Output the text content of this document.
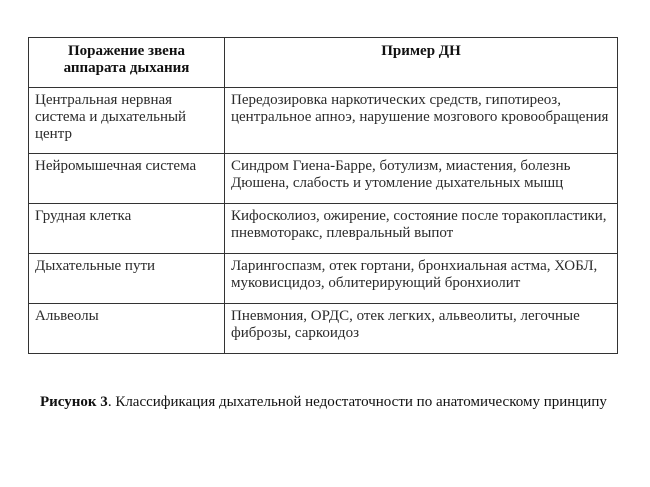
Поражение звена аппарата дыхания	Пример ДН
Центральная нервная система и дыхательный центр	Передозировка наркотических средств, гипотиреоз, центральное апноэ, нарушение мозгового кровообращения
Нейромышечная система	Синдром Гиена-Барре, ботулизм, миастения, болезнь Дюшена, слабость и утомление дыхательных мышц
Грудная клетка	Кифосколиоз, ожирение, состояние после торакопластики, пневмоторакс, плевральный выпот
Дыхательные пути	Ларингоспазм, отек гортани, бронхиальная астма, ХОБЛ, муковисцидоз, облитерирующий бронхиолит
Альвеолы	Пневмония, ОРДС, отек легких, альвеолиты, легочные фиброзы, саркоидоз
Рисунок 3. Классификация дыхательной недостаточности по анатомическому принципу
